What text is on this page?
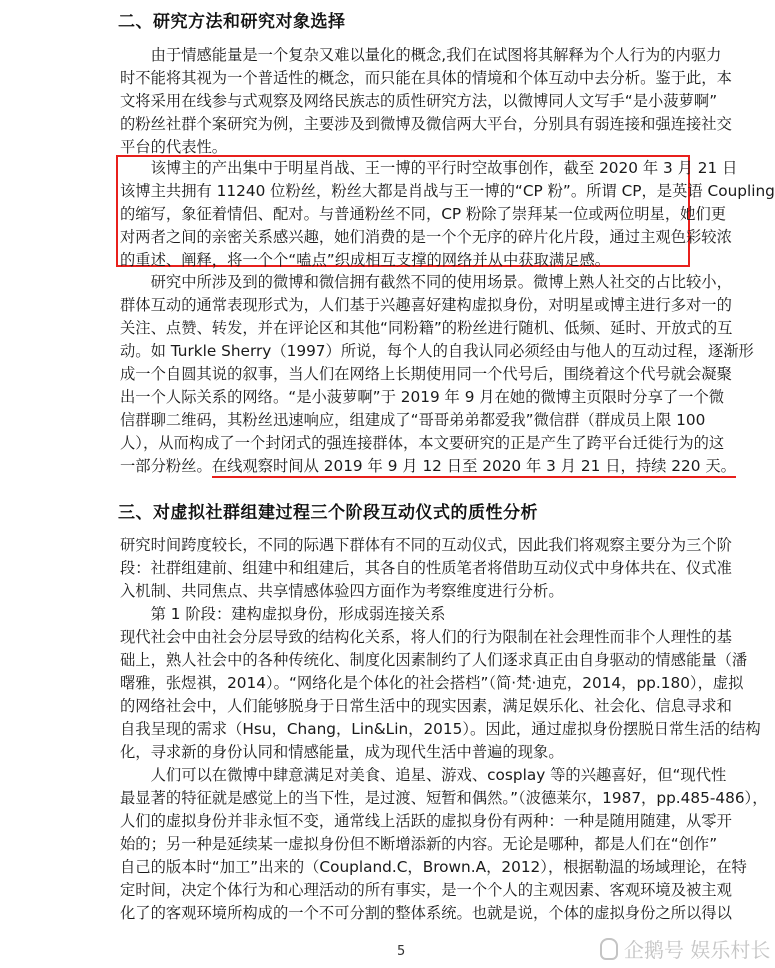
二、研究方法和研究对象选择
　　由于情感能量是一个复杂又难以量化的概念,我们在试图将其解释为个人行为的内驱力
时不能将其视为一个普适性的概念，而只能在具体的情境和个体互动中去分析。鉴于此，本
文将采用在线参与式观察及网络民族志的质性研究方法，以微博同人文写手“是小菠萝啊”
的粉丝社群个案研究为例，主要涉及到微博及微信两大平台，分别具有弱连接和强连接社交
平台的代表性。
　　该博主的产出集中于明星肖战、王一博的平行时空故事创作，截至 2020 年 3 月 21 日
该博主共拥有 11240 位粉丝，粉丝大都是肖战与王一博的“CP 粉”。所谓 CP，是英语 Coupling
的缩写，象征着情侣、配对。与普通粉丝不同，CP 粉除了崇拜某一位或两位明星，她们更
对两者之间的亲密关系感兴趣，她们消费的是一个个无序的碎片化片段，通过主观色彩较浓
的重述、阐释，将一个个“嗑点”织成相互支撑的网络并从中获取满足感。
　　研究中所涉及到的微博和微信拥有截然不同的使用场景。微博上熟人社交的占比较小，
群体互动的通常表现形式为，人们基于兴趣喜好建构虚拟身份，对明星或博主进行多对一的
关注、点赞、转发，并在评论区和其他“同粉籍”的粉丝进行随机、低频、延时、开放式的互
动。如 Turkle Sherry（1997）所说，每个人的自我认同必须经由与他人的互动过程，逐渐形
成一个自圆其说的叙事，当人们在网络上长期使用同一个代号后，围绕着这个代号就会凝聚
出一个人际关系的网络。“是小菠萝啊”于 2019 年 9 月在她的微博主页限时分享了一个微
信群聊二维码，其粉丝迅速响应，组建成了“哥哥弟弟都爱我”微信群（群成员上限 100
人），从而构成了一个封闭式的强连接群体，本文要研究的正是产生了跨平台迁徙行为的这
一部分粉丝。在线观察时间从 2019 年 9 月 12 日至 2020 年 3 月 21 日，持续 220 天。
三、对虚拟社群组建过程三个阶段互动仪式的质性分析
研究时间跨度较长，不同的际遇下群体有不同的互动仪式，因此我们将观察主要分为三个阶
段：社群组建前、组建中和组建后，其各自的性质笔者将借助互动仪式中身体共在、仪式准
入机制、共同焦点、共享情感体验四方面作为考察维度进行分析。
　　第 1 阶段：建构虚拟身份，形成弱连接关系
现代社会中由社会分层导致的结构化关系，将人们的行为限制在社会理性而非个人理性的基
础上，熟人社会中的各种传统化、制度化因素制约了人们逐求真正由自身驱动的情感能量（潘
曙雅，张煜祺，2014）。“网络化是个体化的社会搭档”（简·梵·迪克，2014，pp.180），虚拟
的网络社会中，人们能够脱身于日常生活中的现实因素，满足娱乐化、社会化、信息寻求和
自我呈现的需求（Hsu，Chang，Lin&Lin，2015）。因此，通过虚拟身份摆脱日常生活的结构
化，寻求新的身份认同和情感能量，成为现代生活中普遍的现象。
　　人们可以在微博中肆意满足对美食、追星、游戏、cosplay 等的兴趣喜好，但“现代性
最显著的特征就是感觉上的当下性，是过渡、短暂和偶然。”（波德莱尔，1987，pp.485-486），
人们的虚拟身份并非永恒不变，通常线上活跃的虚拟身份有两种：一种是随用随建，从零开
始的；另一种是延续某一虚拟身份但不断增添新的内容。无论是哪种，都是人们在“创作”
自己的版本时“加工”出来的（Coupland.C，Brown.A，2012），根据勒温的场域理论，在特
定时间，决定个体行为和心理活动的所有事实，是一个个人的主观因素、客观环境及被主观
化了的客观环境所构成的一个不可分割的整体系统。也就是说，个体的虚拟身份之所以得以
5	企鹅号 娱乐村长
